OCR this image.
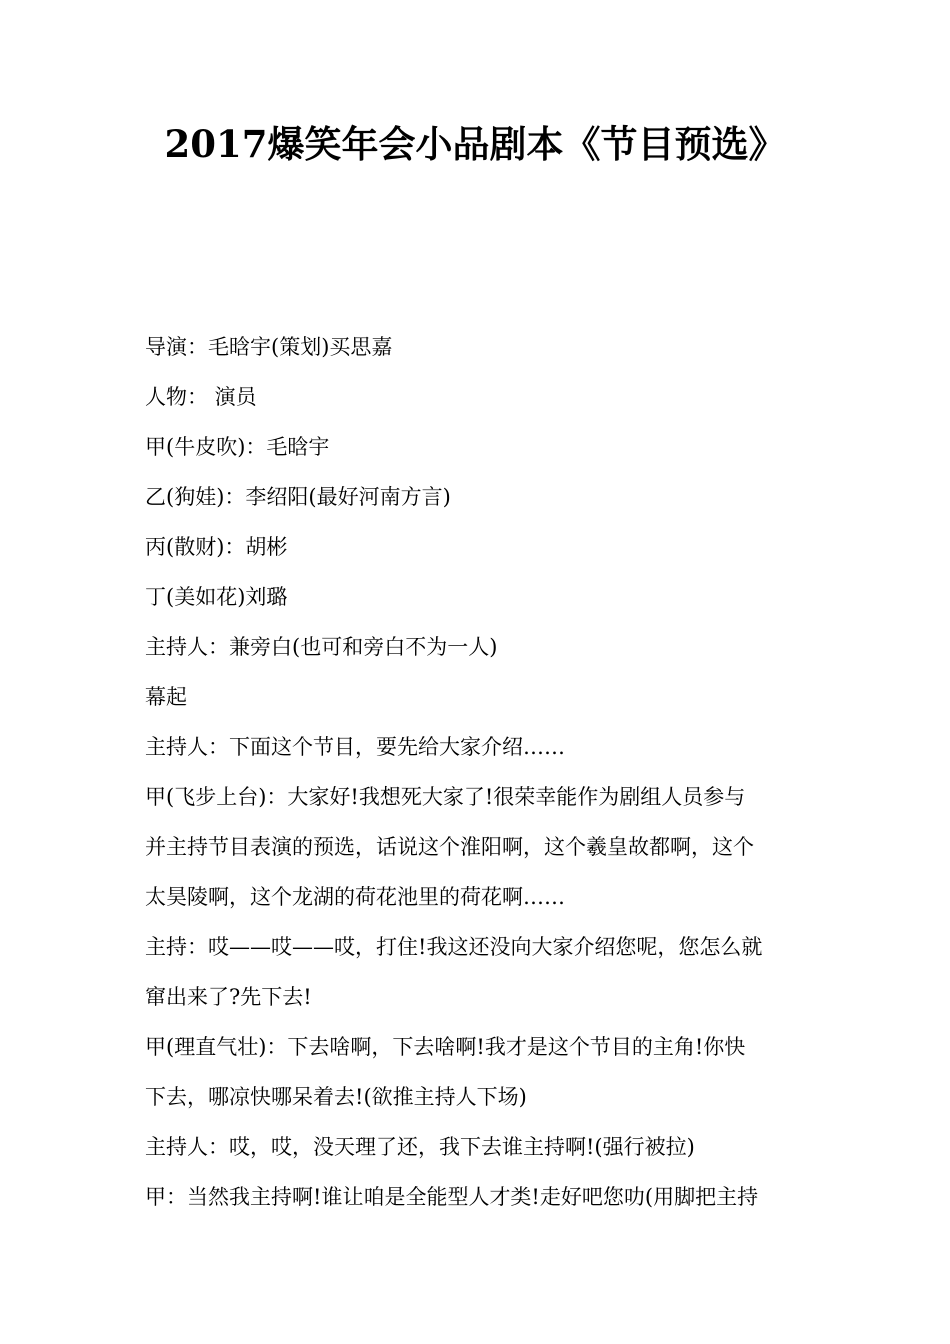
2017爆笑年会小品剧本《节目预选》
导演：毛晗宇(策划)买思嘉
人物： 演员
甲(牛皮吹)：毛晗宇
乙(狗娃)：李绍阳(最好河南方言)
丙(散财)：胡彬
丁(美如花)刘璐
主持人：兼旁白(也可和旁白不为一人)
幕起
主持人：下面这个节目，要先给大家介绍……
甲(飞步上台)：大家好!我想死大家了!很荣幸能作为剧组人员参与
并主持节目表演的预选，话说这个淮阳啊，这个羲皇故都啊，这个
太昊陵啊，这个龙湖的荷花池里的荷花啊……
主持：哎——哎——哎，打住!我这还没向大家介绍您呢，您怎么就
窜出来了?先下去!
甲(理直气壮)：下去啥啊，下去啥啊!我才是这个节目的主角!你快
下去，哪凉快哪呆着去!(欲推主持人下场)
主持人：哎，哎，没天理了还，我下去谁主持啊!(强行被拉)
甲：当然我主持啊!谁让咱是全能型人才类!走好吧您叻(用脚把主持
